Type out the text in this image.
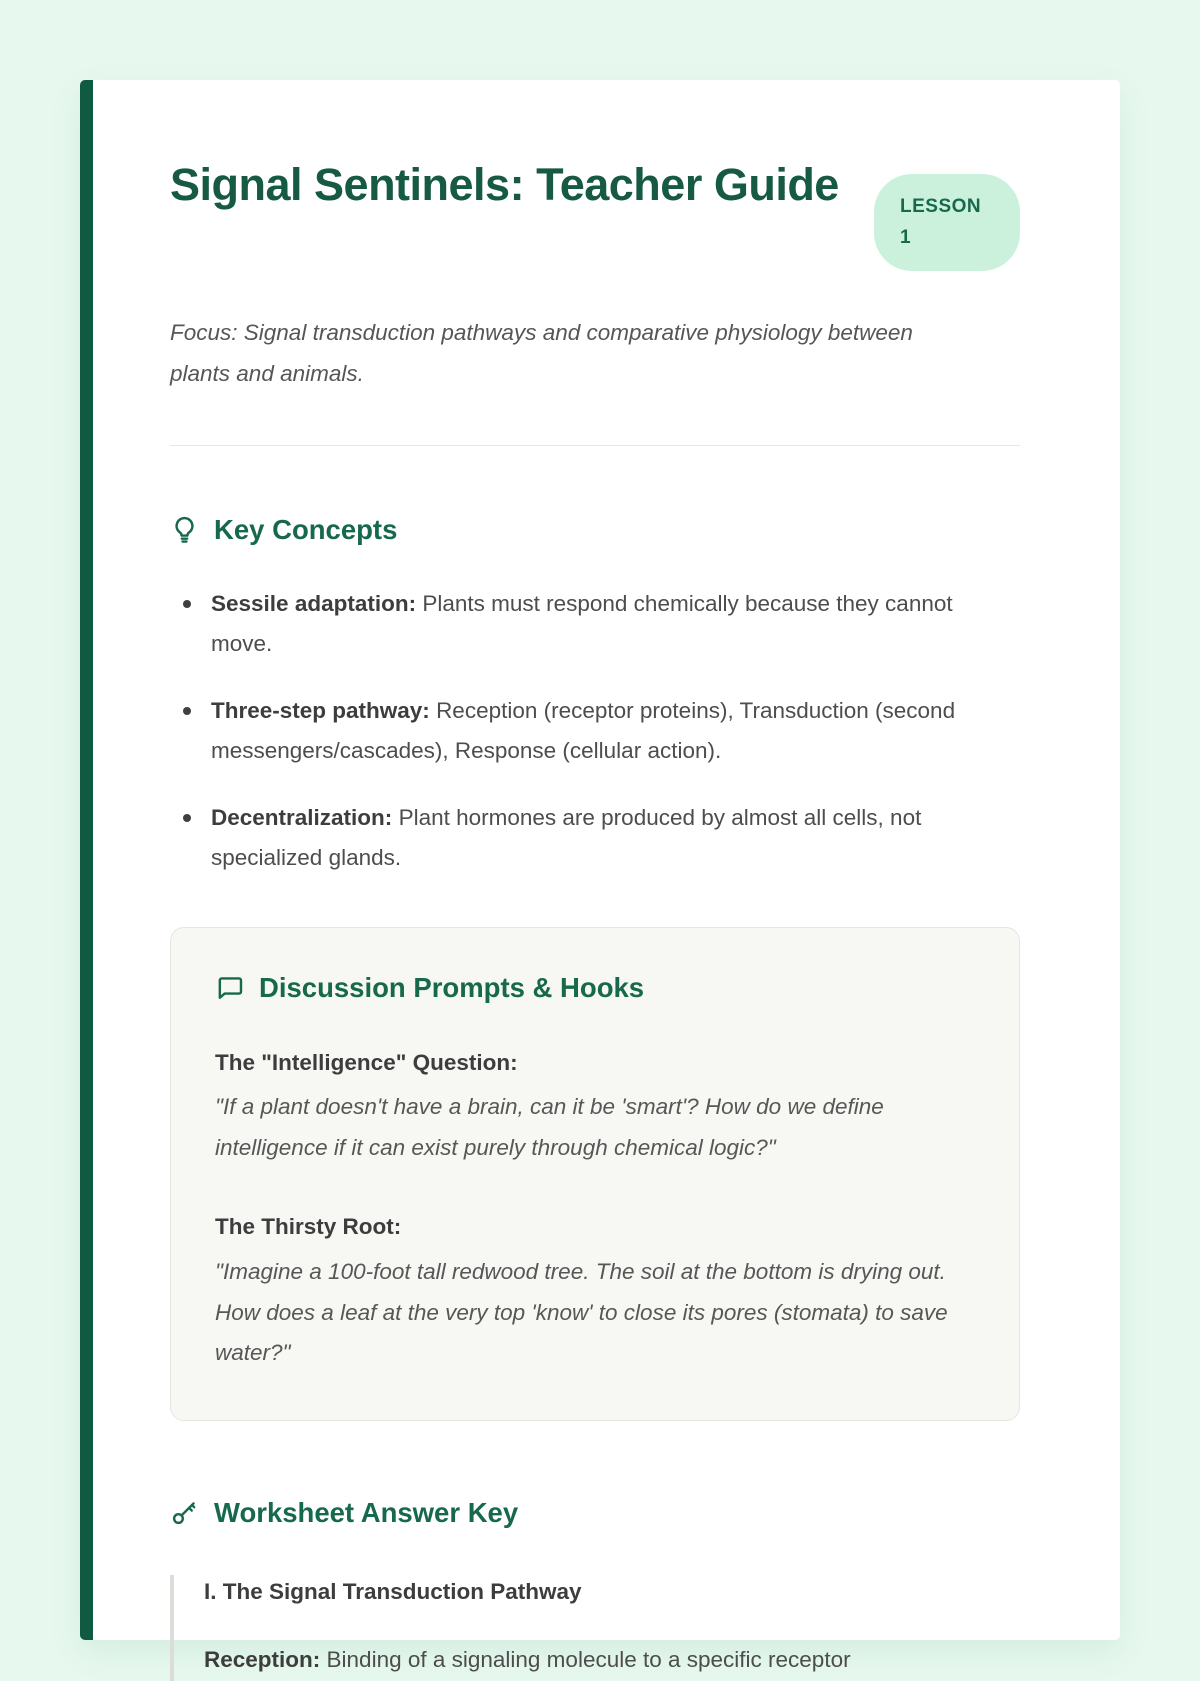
Signal Sentinels: Teacher Guide	LESSON 1

Focus: Signal transduction pathways and comparative physiology between plants and animals.

Key Concepts
Sessile adaptation: Plants must respond chemically because they cannot move.
Three-step pathway: Reception (receptor proteins), Transduction (second messengers/cascades), Response (cellular action).
Decentralization: Plant hormones are produced by almost all cells, not specialized glands.
Discussion Prompts & Hooks

The "Intelligence" Question:

"If a plant doesn't have a brain, can it be 'smart'? How do we define intelligence if it can exist purely through chemical logic?"

The Thirsty Root:

"Imagine a 100-foot tall redwood tree. The soil at the bottom is drying out. How does a leaf at the very top 'know' to close its pores (stomata) to save water?"

Worksheet Answer Key

I. The Signal Transduction Pathway

Reception: Binding of a signaling molecule to a specific receptor
